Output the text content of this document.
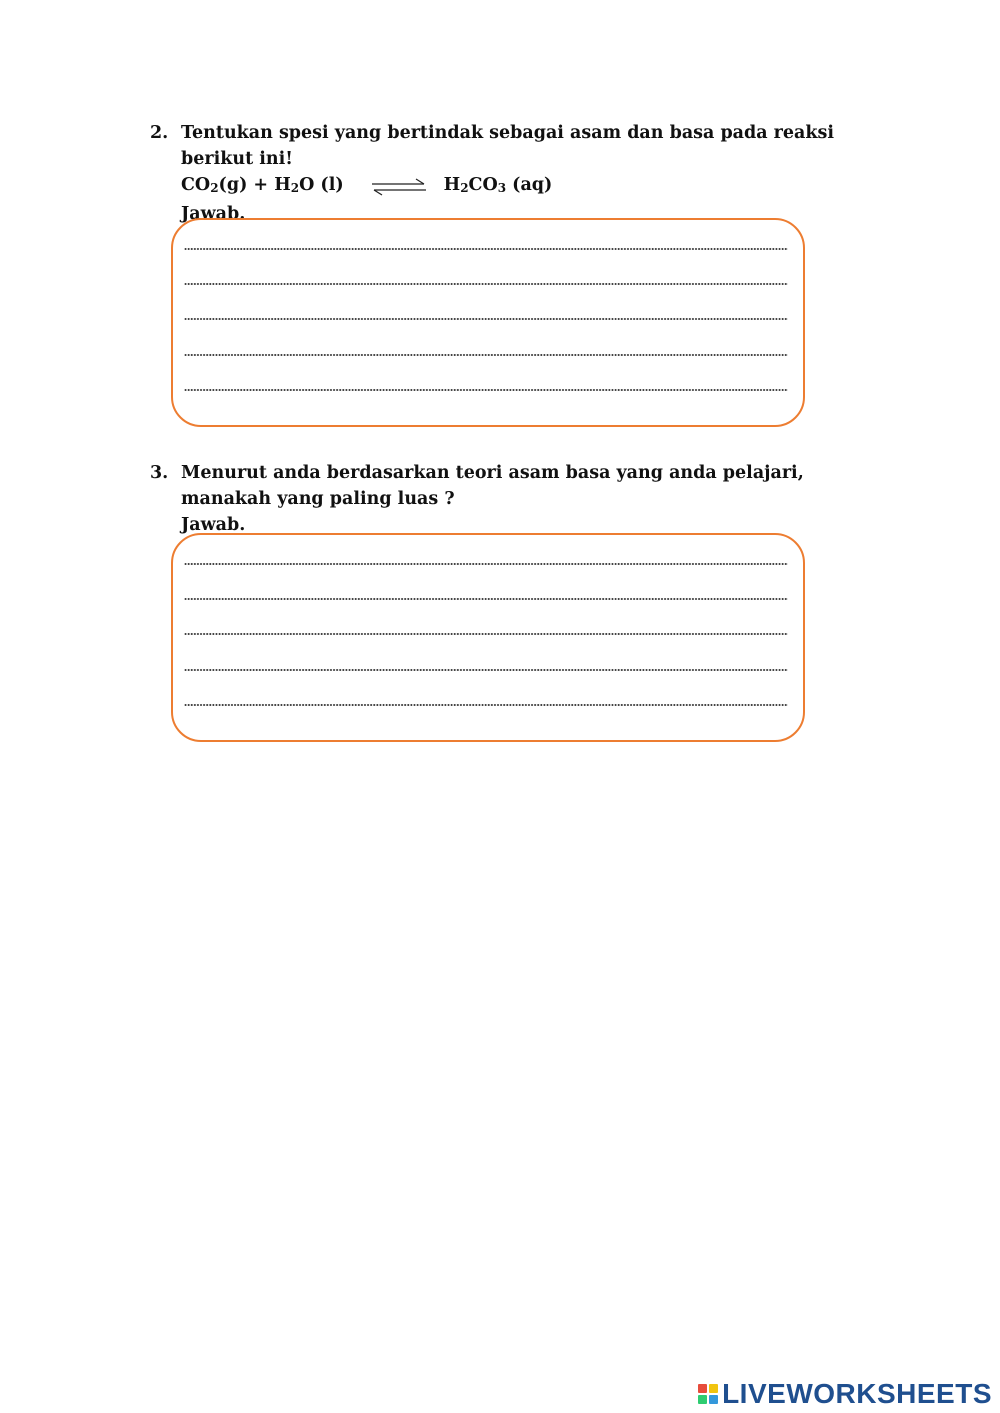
2. Tentukan spesi yang bertindak sebagai asam dan basa pada reaksi berikut ini!
$CO_2(g) + H_2O$ (l) ⇌ $H_2CO_3$ (aq)
Jawab.
3. Menurut anda berdasarkan teori asam basa yang anda pelajari, manakah yang paling luas ?
Jawab.
LIVEWORKSHEETS
